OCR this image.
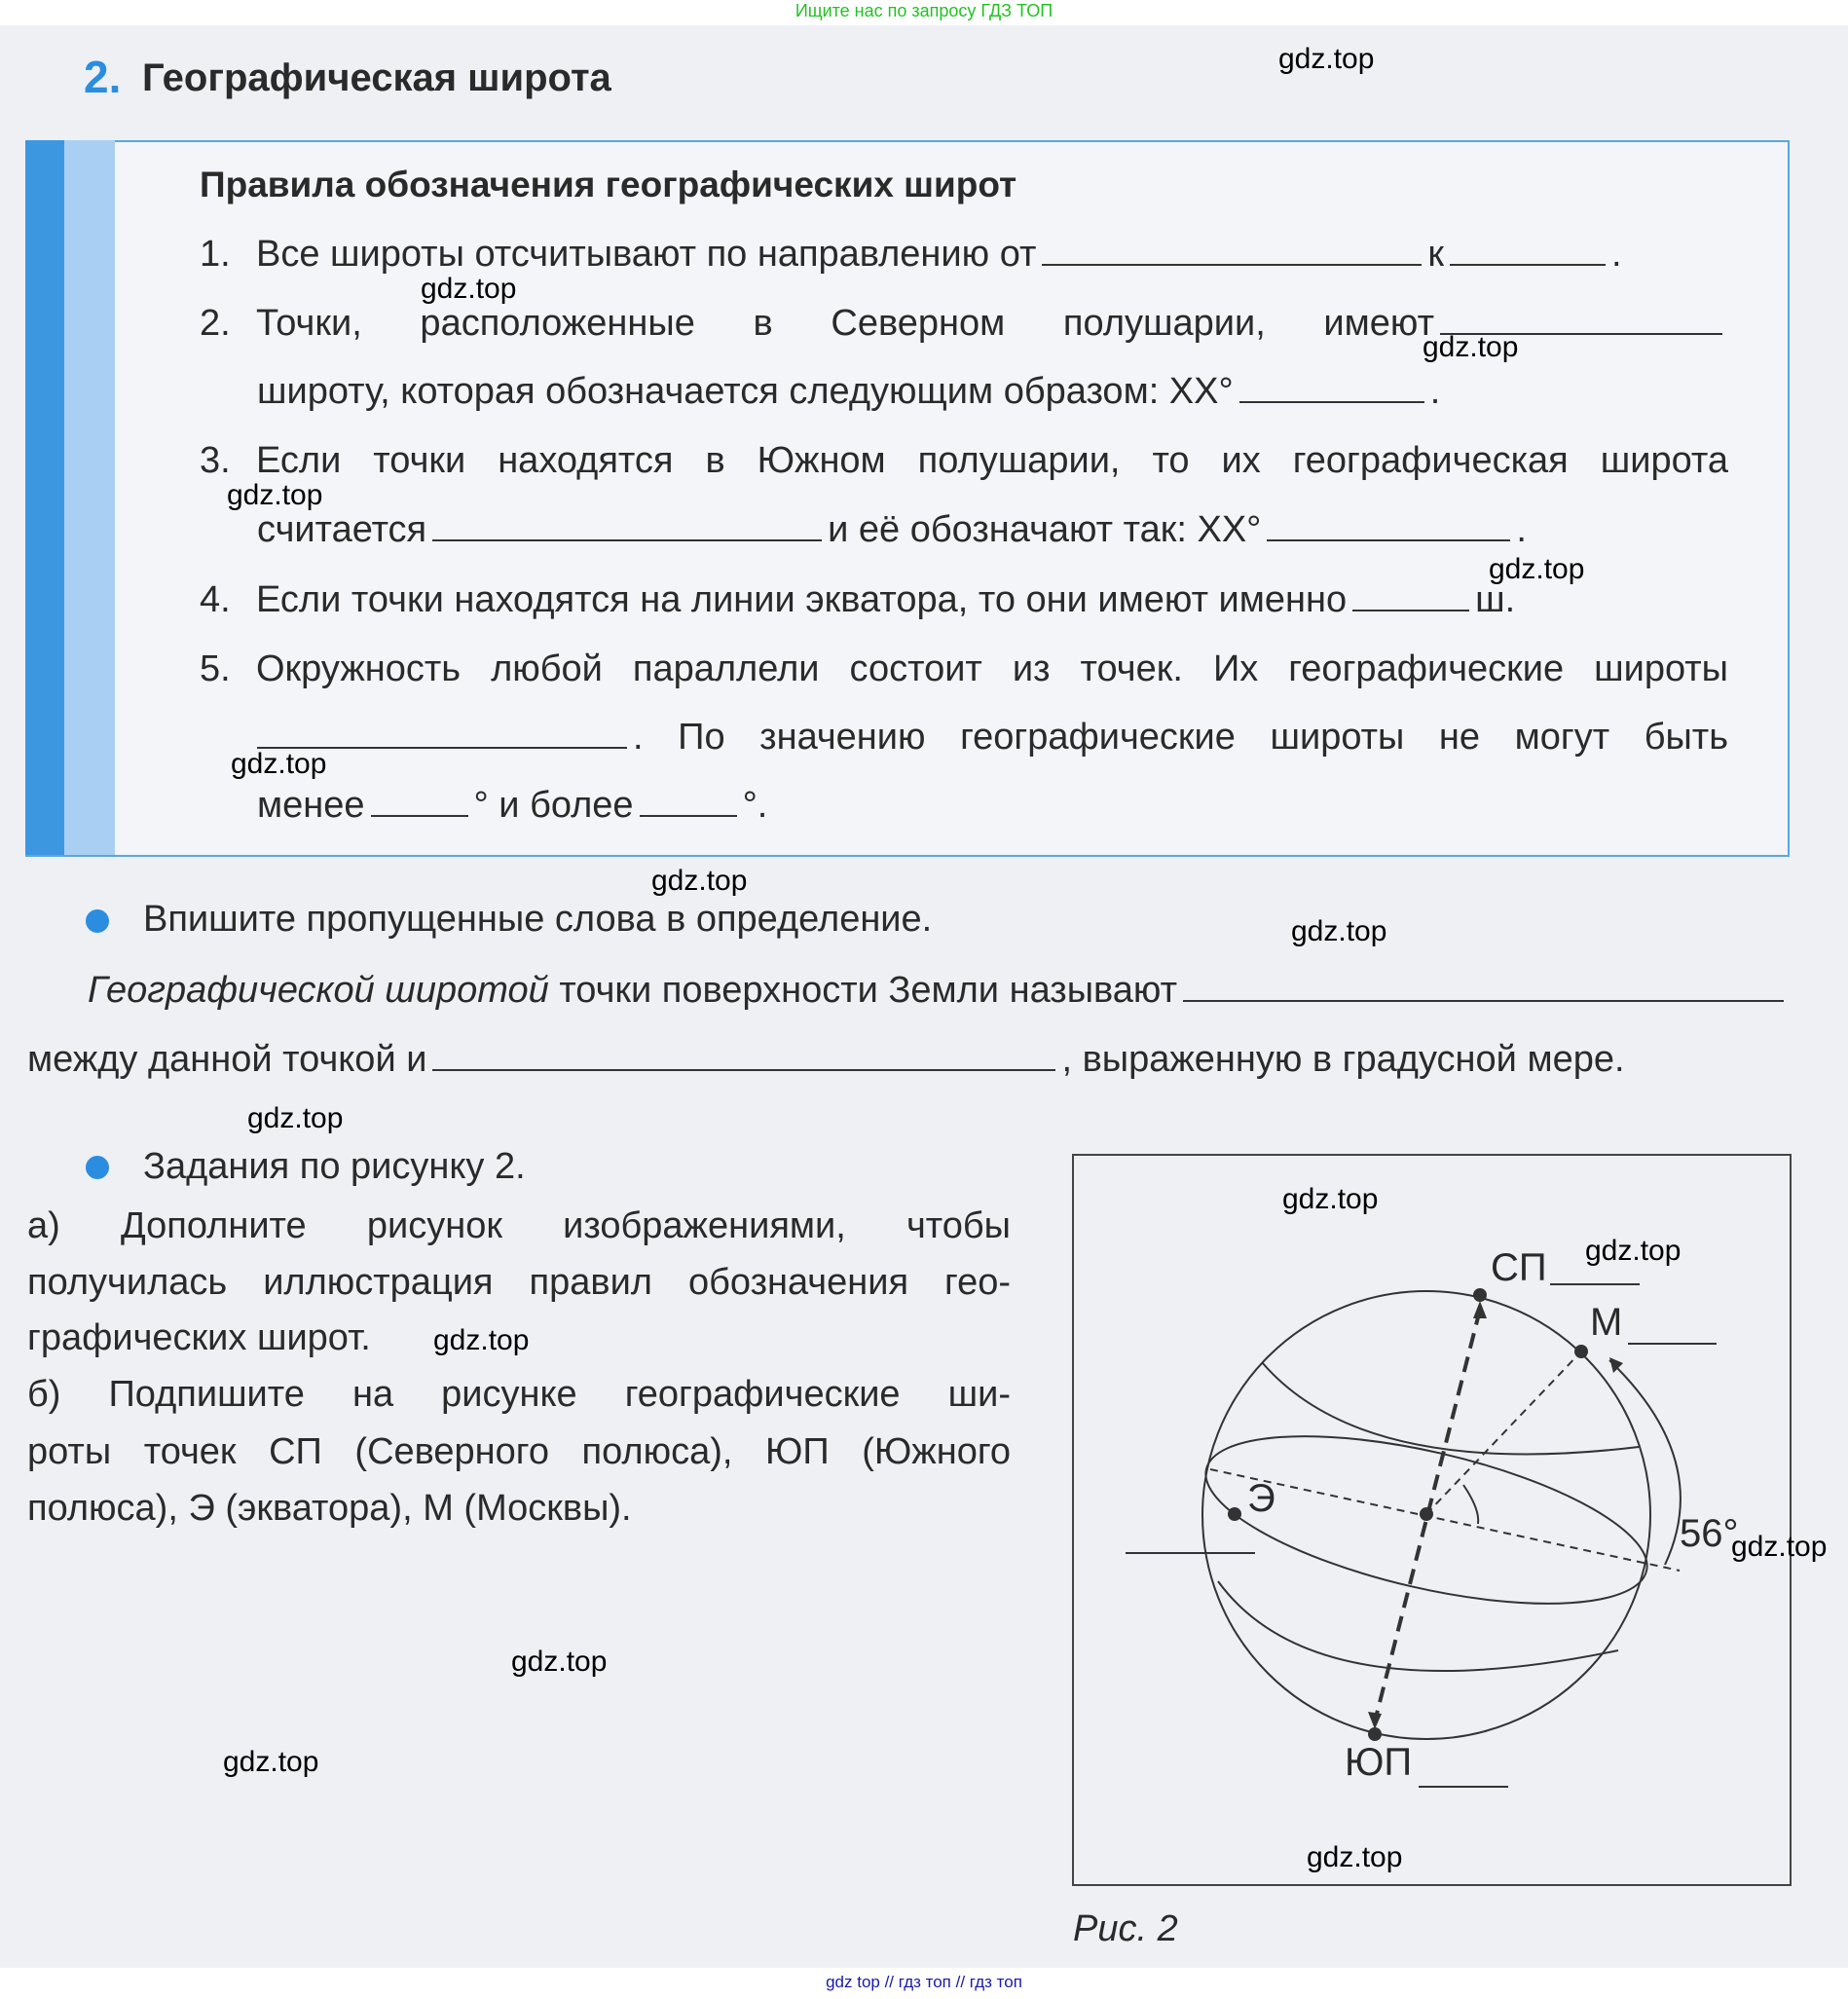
Ищите нас по запросу ГДЗ ТОП
2. Географическая широта
Правила обозначения географических широт
1. Все широты отсчитывают по направлению от	к	.
2. Точки, расположенные в Северном полушарии, имеют
широту, которая обозначается следующим образом: XX°	.
3. Если точки находятся в Южном полушарии, то их географическая широта
считается	и её обозначают так: XX°	.
4. Если точки находятся на линии экватора, то они имеют именно	ш.
5. Окружность любой параллели состоит из точек. Их географические широты
. По значению географические широты не могут быть
менее	°
и более	°.
Впишите пропущенные слова в определение.
Географической широтой
точки поверхности Земли называют
между данной точкой и	, выраженную в градусной мере.
Задания по рисунку 2.
а) Дополните рисунок изображениями, чтобы
получилась иллюстрация правил обозначения гео-
графических широт.
б) Подпишите на рисунке географические ши-
роты точек СП (Северного полюса), ЮП (Южного
полюса), Э (экватора), М (Москвы).
СП
М
Э
56°
ЮП
Рис. 2
gdz.top
gdz.top
gdz.top
gdz.top
gdz.top
gdz.top
gdz.top
gdz.top
gdz.top
gdz.top
gdz.top
gdz.top
gdz.top
gdz.top
gdz.top
gdz.top
gdz top // гдз топ // гдз топ
